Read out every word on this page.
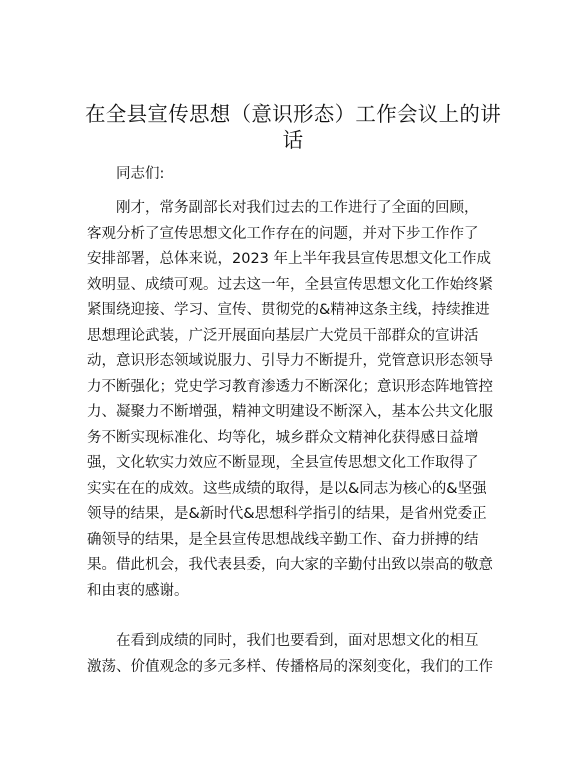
在全县宣传思想（意识形态）工作会议上的讲
话
同志们:
刚才，常务副部长对我们过去的工作进行了全面的回顾，
客观分析了宣传思想文化工作存在的问题，并对下步工作作了
安排部署，总体来说，2023 年上半年我县宣传思想文化工作成
效明显、成绩可观。过去这一年，全县宣传思想文化工作始终紧
紧围绕迎接、学习、宣传、贯彻党的&精神这条主线，持续推进
思想理论武装，广泛开展面向基层广大党员干部群众的宣讲活
动，意识形态领域说服力、引导力不断提升，党管意识形态领导
力不断强化；党史学习教育渗透力不断深化；意识形态阵地管控
力、凝聚力不断增强，精神文明建设不断深入，基本公共文化服
务不断实现标准化、均等化，城乡群众文精神化获得感日益增
强，文化软实力效应不断显现，全县宣传思想文化工作取得了
实实在在的成效。这些成绩的取得，是以&同志为核心的&坚强
领导的结果，是&新时代&思想科学指引的结果，是省州党委正
确领导的结果，是全县宣传思想战线辛勤工作、奋力拼搏的结
果。借此机会，我代表县委，向大家的辛勤付出致以崇高的敬意
和由衷的感谢。
在看到成绩的同时，我们也要看到，面对思想文化的相互
激荡、价值观念的多元多样、传播格局的深刻变化，我们的工作
